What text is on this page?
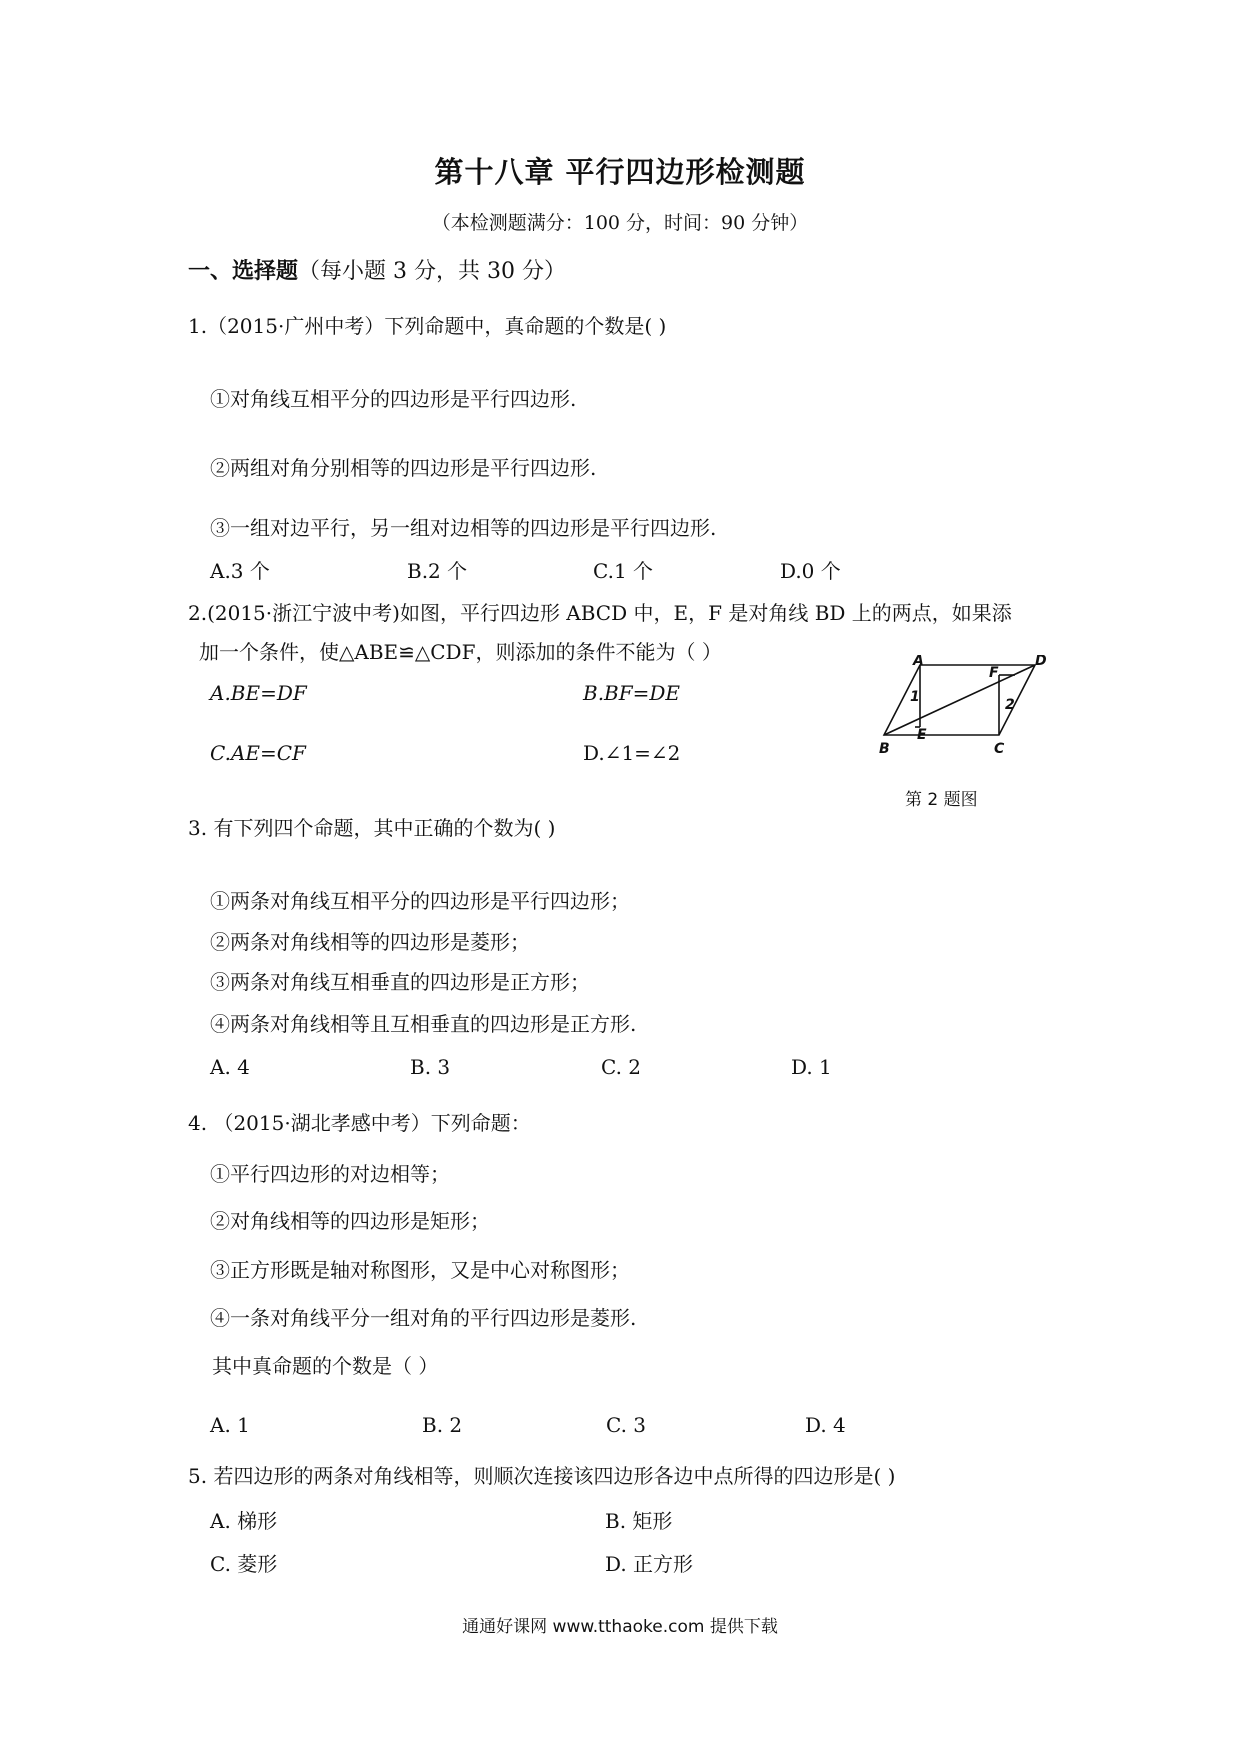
第十八章 平行四边形检测题
（本检测题满分：100 分，时间：90 分钟）
一、选择题（每小题 3 分，共 30 分）
1.（2015·广州中考）下列命题中，真命题的个数是( )
①对角线互相平分的四边形是平行四边形.
②两组对角分别相等的四边形是平行四边形.
③一组对边平行，另一组对边相等的四边形是平行四边形.
A.3 个	B.2 个	C.1 个	D.0 个
2.(2015·浙江宁波中考)如图，平行四边形 ABCD 中，E，F 是对角线 BD 上的两点，如果添
加一个条件，使△ABE≌△CDF，则添加的条件不能为（ ）
A.BE=DF	B.BF=DE
C.AE=CF	D.∠1=∠2
A	D
F
1	2
E
B	C
第 2 题图
3. 有下列四个命题，其中正确的个数为( )
①两条对角线互相平分的四边形是平行四边形；
②两条对角线相等的四边形是菱形；
③两条对角线互相垂直的四边形是正方形；
④两条对角线相等且互相垂直的四边形是正方形.
A. 4	B. 3	C. 2	D. 1
4. （2015·湖北孝感中考）下列命题：
①平行四边形的对边相等；
②对角线相等的四边形是矩形；
③正方形既是轴对称图形，又是中心对称图形；
④一条对角线平分一组对角的平行四边形是菱形.
其中真命题的个数是（ ）
A. 1	B. 2	C. 3	D. 4
5. 若四边形的两条对角线相等，则顺次连接该四边形各边中点所得的四边形是( )
A. 梯形	B. 矩形
C. 菱形	D. 正方形
通通好课网 www.tthaoke.com 提供下载
